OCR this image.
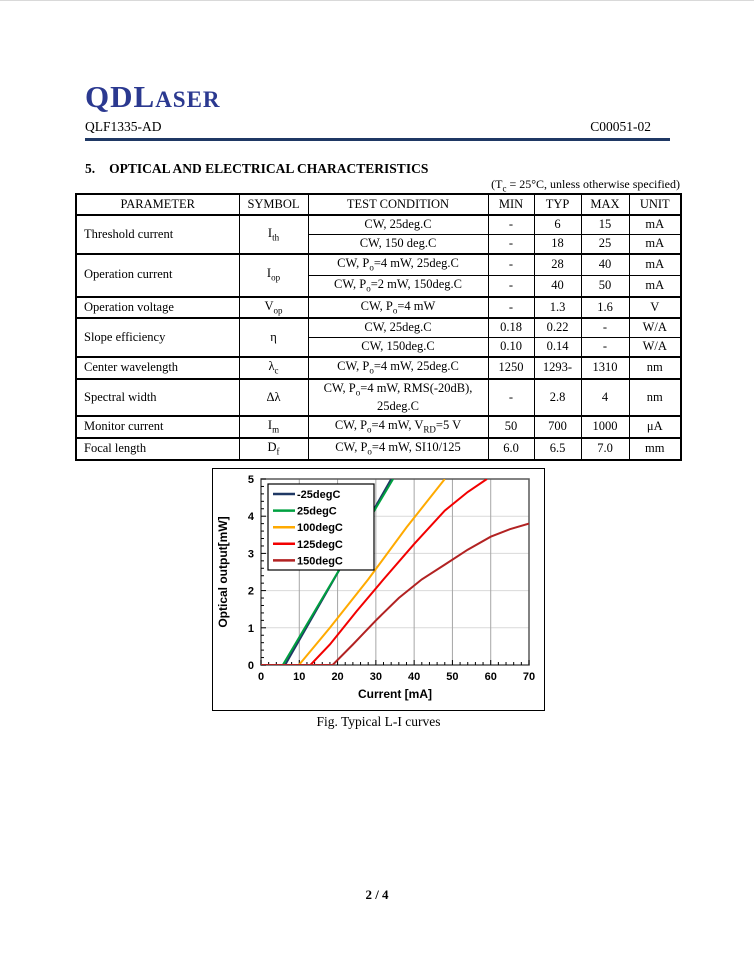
QDLASER
QLF1335-AD	C00051-02
5. OPTICAL AND ELECTRICAL CHARACTERISTICS
($T_c = 25^\circ C$, unless otherwise specified)
PARAMETER	SYMBOL	TEST CONDITION	MIN	TYP	MAX	UNIT
Threshold current	$I_{th}$	CW, 25deg.C	-	6	15	mA
		CW, 150 deg.C	-	18	25	mA
Operation current	$I_{op}$	CW, $P_o=4$ mW, 25deg.C	-	28	40	mA
		CW, $P_o=2$ mW, 150deg.C	-	40	50	mA
Operation voltage	$V_{op}$	CW, $P_o=4$ mW	-	1.3	1.6	V
Slope efficiency	η	CW, 25deg.C	0.18	0.22	-	W/A
		CW, 150deg.C	0.10	0.14	-	W/A
Center wavelength	$\lambda_c$	CW, $P_o=4$ mW, 25deg.C	1250	1293-	1310	nm
Spectral width	Δλ	CW, $P_o=4$ mW, RMS(-20dB), 25deg.C	-	2.8	4	nm
Monitor current	$I_m$	CW, $P_o=4$ mW, $V_{RD}=5$ V	50	700	1000	μA
Focal length	$D_f$	CW, $P_o=4$ mW, SI10/125	6.0	6.5	7.0	mm
0	10 20 30 40 50 60 70
0
1
2
3
4
5
Current [mA]
Optical output[mW]
-25degC
25degC
100degC
125degC
150degC
Fig. Typical L-I curves
2 / 4
